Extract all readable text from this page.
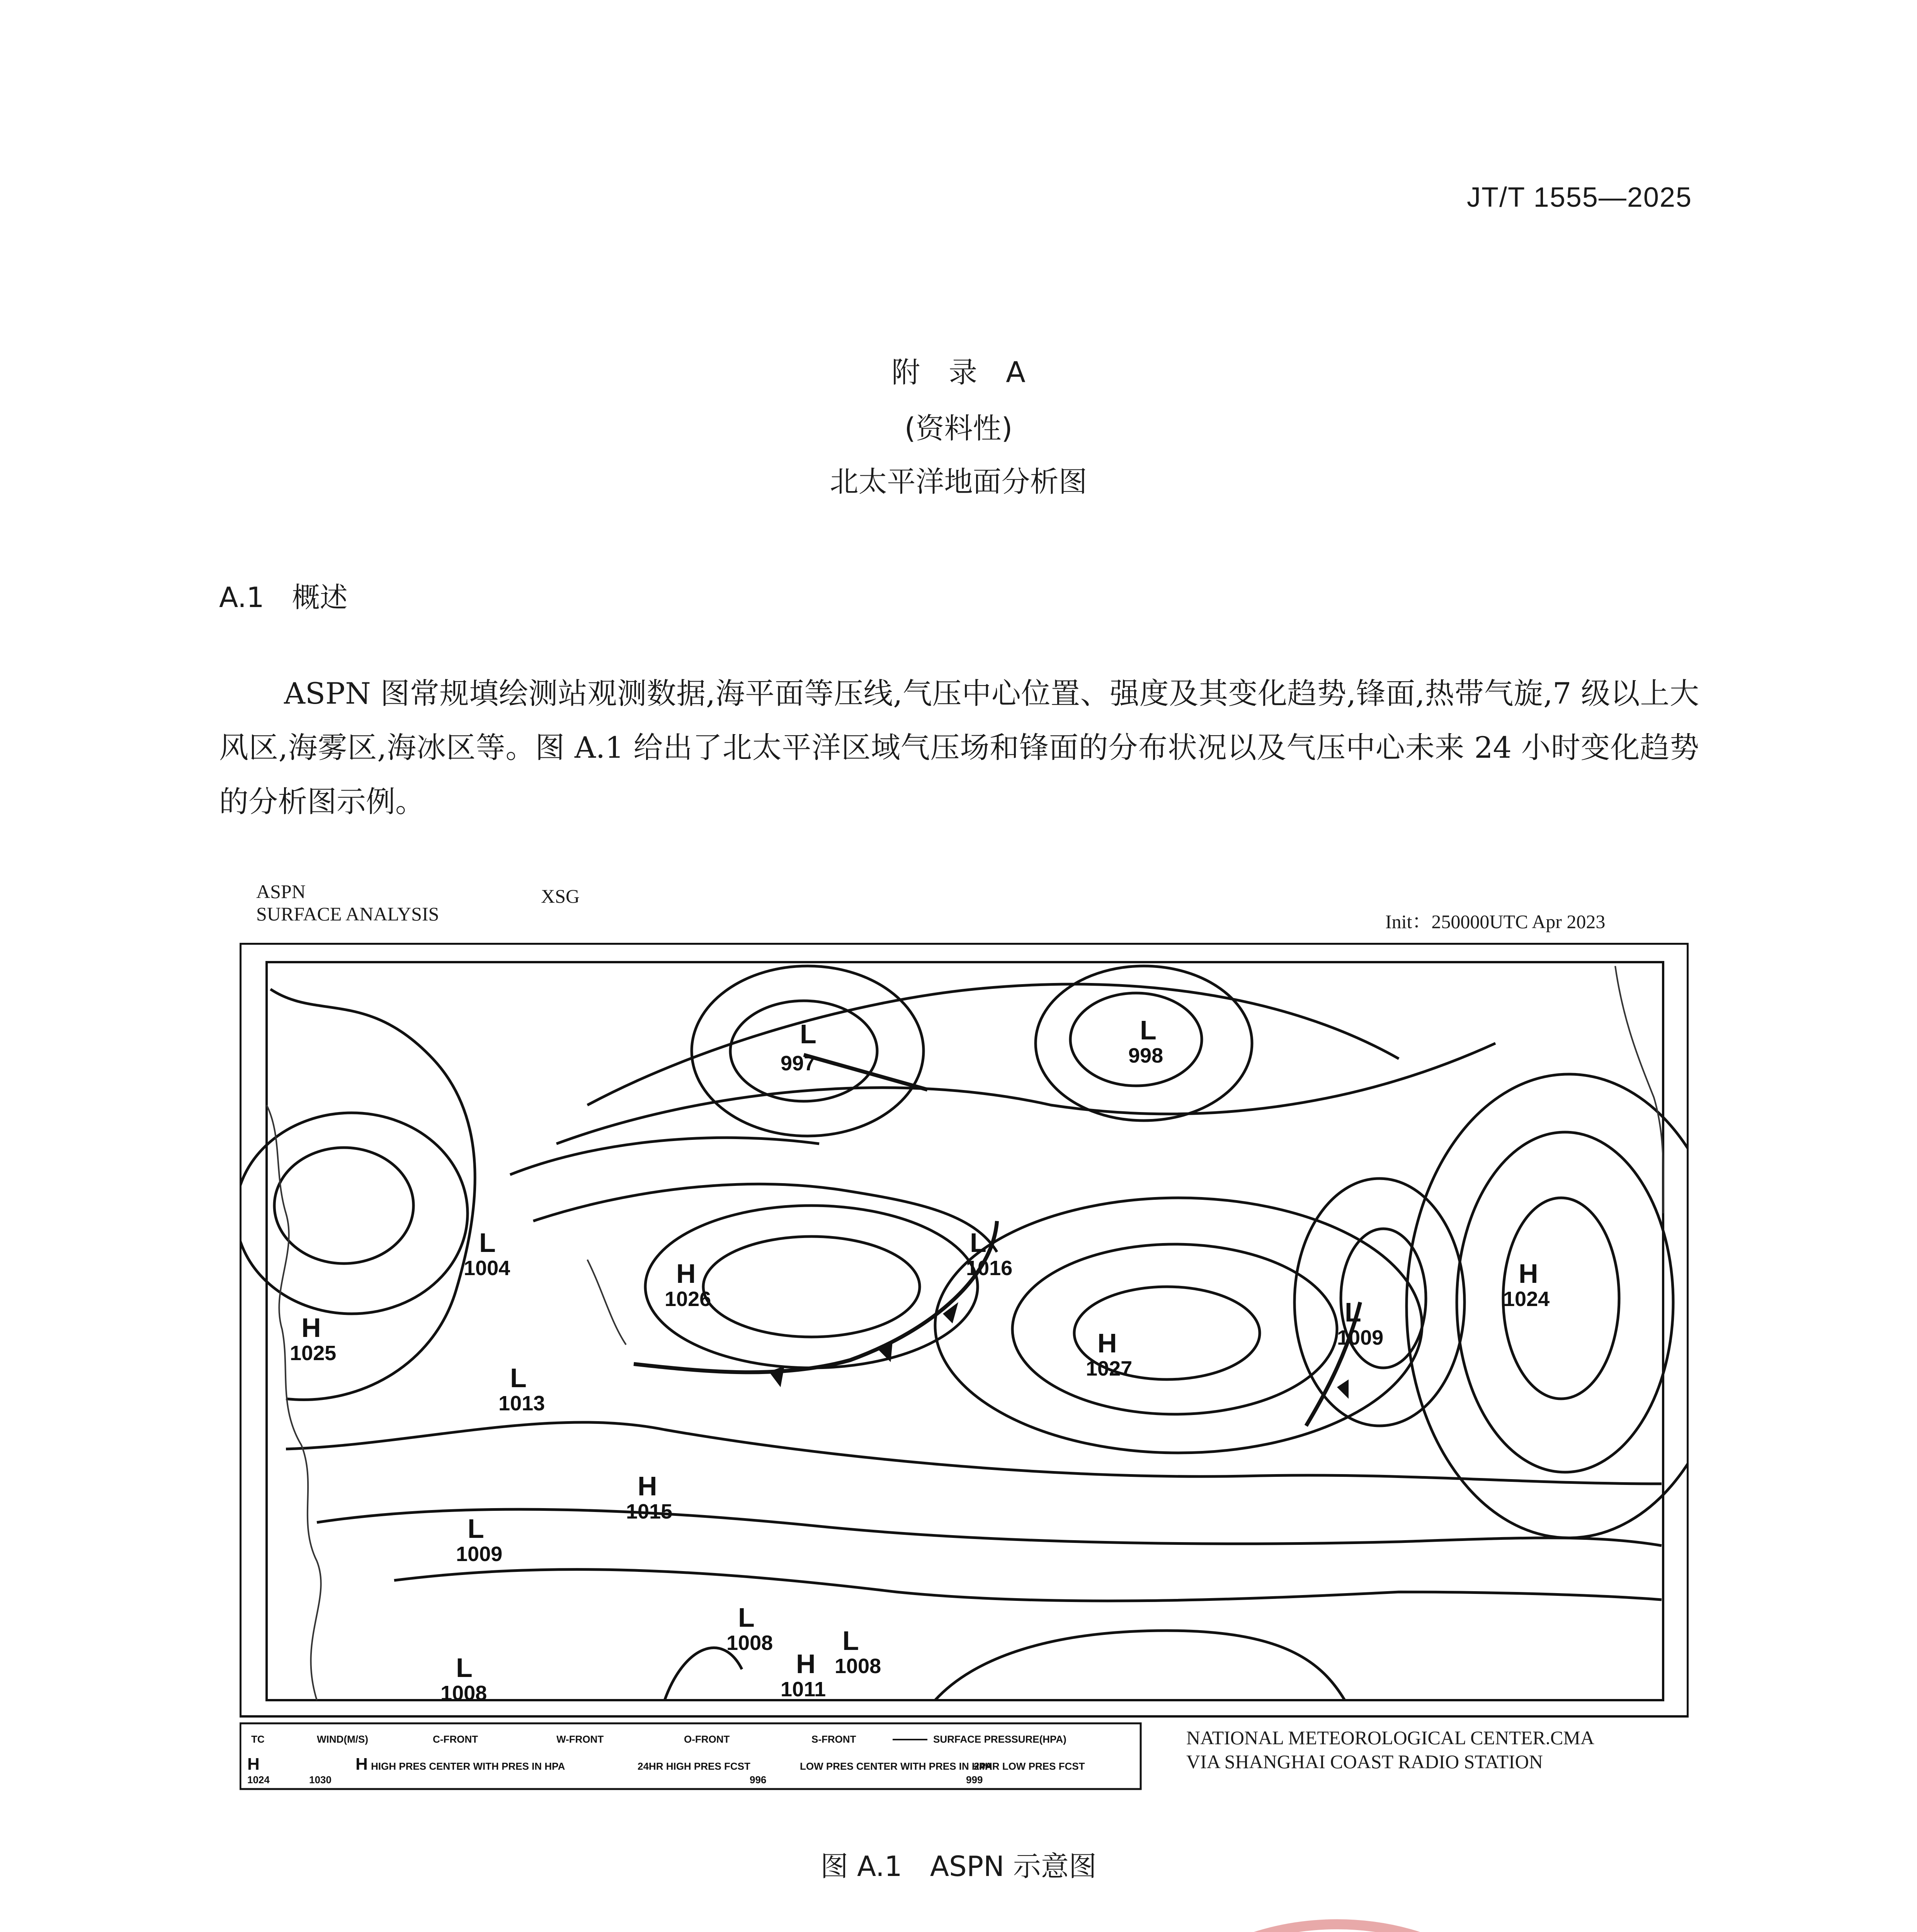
JT/T 1555—2025
附　录　A
(资料性)
北太平洋地面分析图
A.1　概述

ASPN 图常规填绘测站观测数据,海平面等压线,气压中心位置、强度及其变化趋势,锋面,热带气旋,7 级以上大风区,海雾区,海冰区等。图 A.1 给出了北太平洋区域气压场和锋面的分布状况以及气压中心未来 24 小时变化趋势的分析图示例。

ASPN
SURFACE ANALYSIS
XSG
Init：250000UTC Apr 2023
L
997
L
998
H
1026
H
1027
L
1016
L
1009
H
1024
L
1004
H
1025
L
1013
H
1015
L
1009
L
1008
H
1011
L
1008
L
1008
TC	WIND(M/S)	C-FRONT	W-FRONT	O-FRONT	S-FRONT	SURFACE PRESSURE(HPA)
H
1024	1030
H HIGH PRES CENTER WITH PRES IN HPA	24HR HIGH PRES FCST	LOW PRES CENTER WITH PRES IN HPA
996
24HR LOW PRES FCST
999
NATIONAL METEOROLOGICAL CENTER.CMA
VIA SHANGHAI COAST RADIO STATION
图 A.1　ASPN 示意图
